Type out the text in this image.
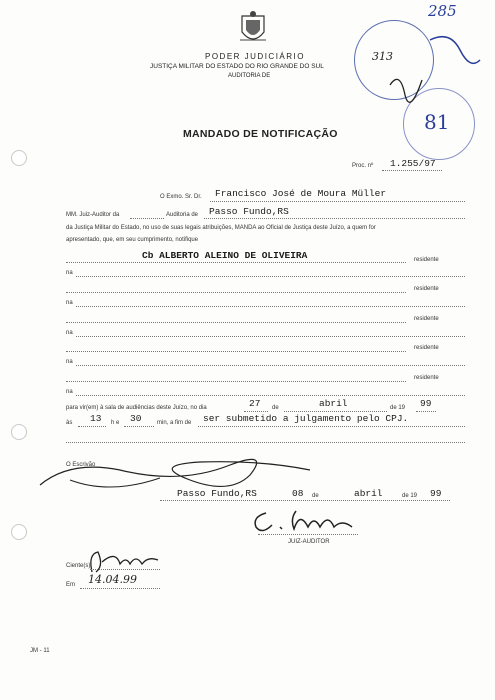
PODER JUDICIÁRIO
JUSTIÇA MILITAR DO ESTADO DO RIO GRANDE DO SUL
AUDITORIA DE
285
313
81
MANDADO DE NOTIFICAÇÃO
Proc. nº 1.255/97
O Exmo. Sr. Dr. Francisco José de Moura Müller
MM. Juiz-Auditor da	Auditoria de Passo Fundo,RS
da Justiça Militar do Estado, no uso de suas legais atribuições, MANDA ao Oficial de Justiça deste Juízo, a quem for
apresentado, que, em seu cumprimento, notifique
Cb ALBERTO ALEINO DE OLIVEIRA	residente
na
residente
na
residente
na
residente
na
residente
na
para vir(em) à sala de audiências deste Juízo, no dia	27 de	abril	de 19 99
às 13 h e 30	min, a fim de ser submetido a julgamento pelo CPJ.
O Escrivão
Passo Fundo,RS	08 de	abril	de 19 99
JUIZ-AUDITOR
Ciente(s)
Em 14.04.99
JM - 11
